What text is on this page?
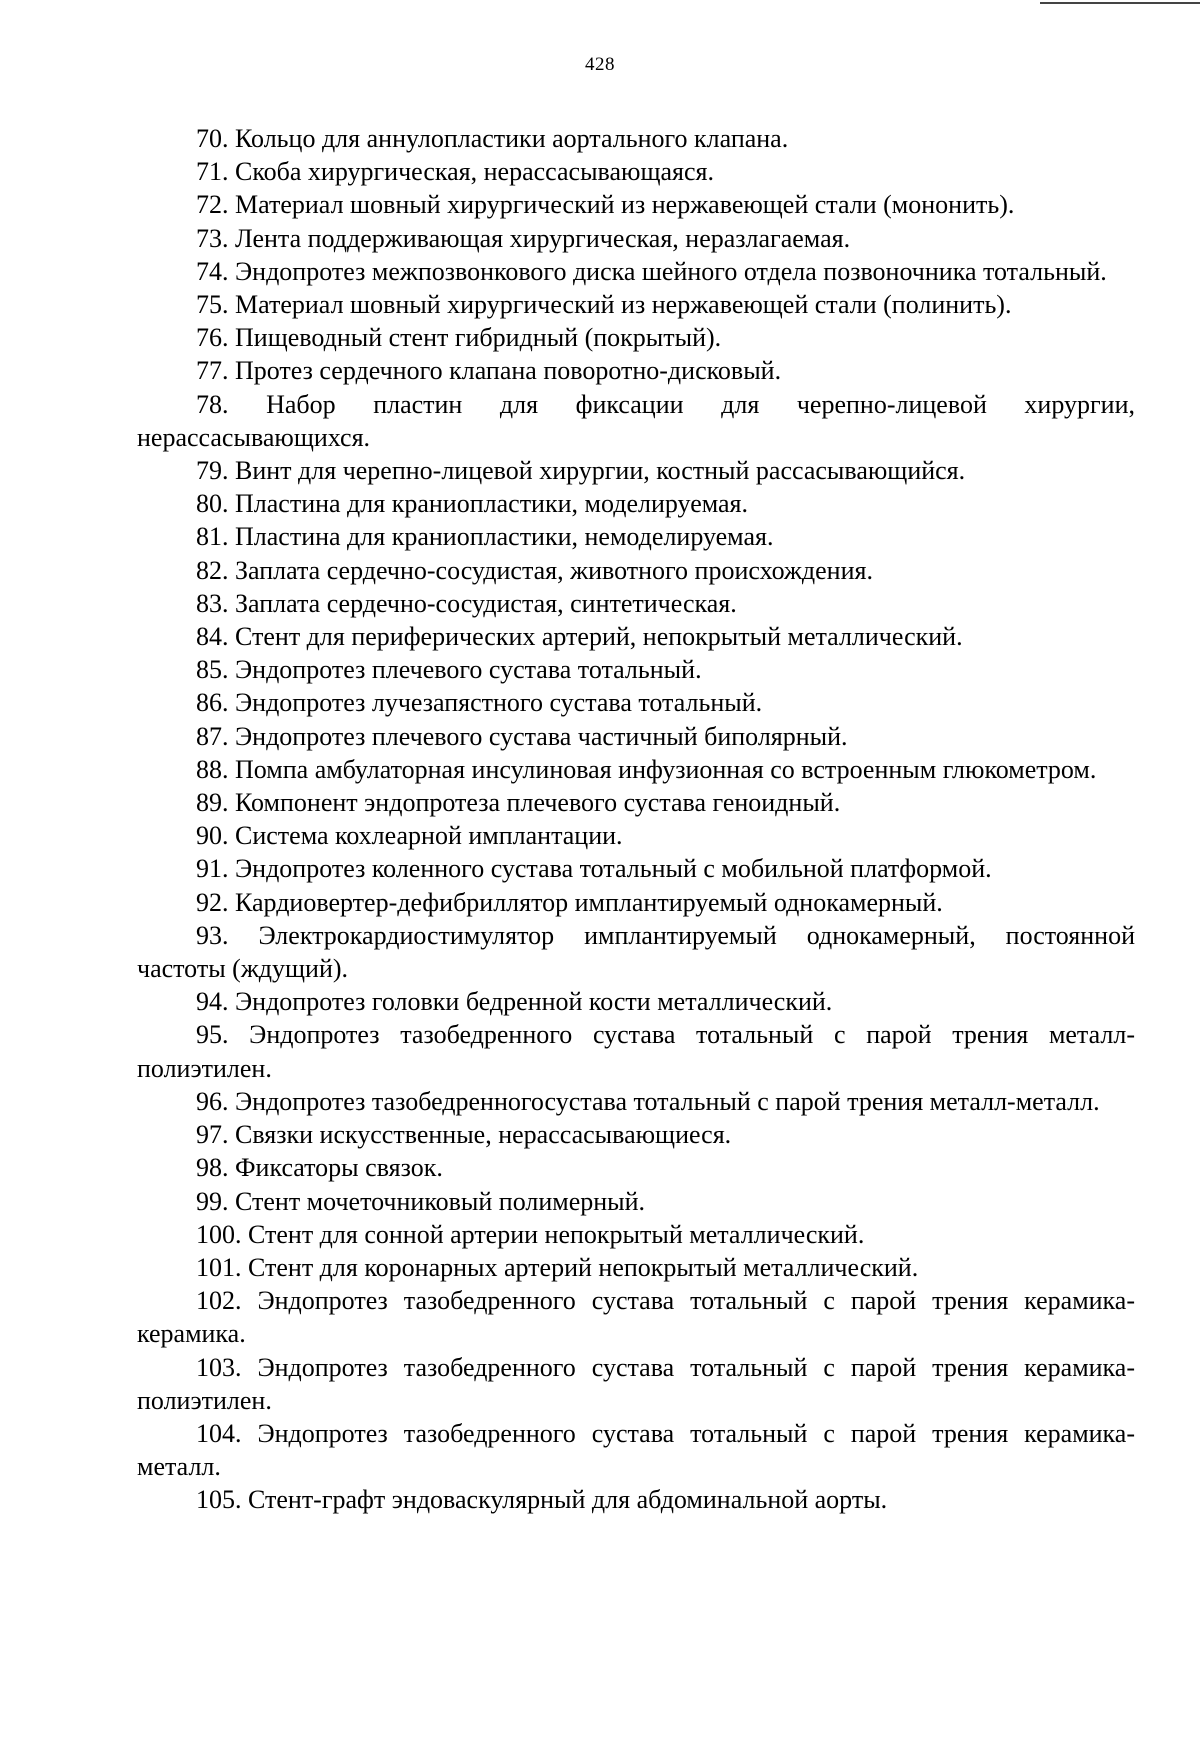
428

70. Кольцо для аннулопластики аортального клапана.

71. Скоба хирургическая, нерассасывающаяся.

72. Материал шовный хирургический из нержавеющей стали (мононить).

73. Лента поддерживающая хирургическая, неразлагаемая.

74. Эндопротез межпозвонкового диска шейного отдела позвоночника тотальный.

75. Материал шовный хирургический из нержавеющей стали (полинить).

76. Пищеводный стент гибридный (покрытый).

77. Протез сердечного клапана поворотно-дисковый.

78. Набор пластин для фиксации для черепно-лицевой хирургии, нерассасывающихся.

79. Винт для черепно-лицевой хирургии, костный рассасывающийся.

80. Пластина для краниопластики, моделируемая.

81. Пластина для краниопластики, немоделируемая.

82. Заплата сердечно-сосудистая, животного происхождения.

83. Заплата сердечно-сосудистая, синтетическая.

84. Стент для периферических артерий, непокрытый металлический.

85. Эндопротез плечевого сустава тотальный.

86. Эндопротез лучезапястного сустава тотальный.

87. Эндопротез плечевого сустава частичный биполярный.

88. Помпа амбулаторная инсулиновая инфузионная со встроенным глюкометром.

89. Компонент эндопротеза плечевого сустава геноидный.

90. Система кохлеарной имплантации.

91. Эндопротез коленного сустава тотальный с мобильной платформой.

92. Кардиовертер-дефибриллятор имплантируемый однокамерный.

93. Электрокардиостимулятор имплантируемый однокамерный, постоянной частоты (ждущий).

94. Эндопротез головки бедренной кости металлический.

95. Эндопротез тазобедренного сустава тотальный с парой трения металл-полиэтилен.

96. Эндопротез тазобедренногосустава тотальный с парой трения металл-металл.

97. Связки искусственные, нерассасывающиеся.

98. Фиксаторы связок.

99. Стент мочеточниковый полимерный.

100. Стент для сонной артерии непокрытый металлический.

101. Стент для коронарных артерий непокрытый металлический.

102. Эндопротез тазобедренного сустава тотальный с парой трения керамика-керамика.

103. Эндопротез тазобедренного сустава тотальный с парой трения керамика-полиэтилен.

104. Эндопротез тазобедренного сустава тотальный с парой трения керамика-металл.

105. Стент-графт эндоваскулярный для абдоминальной аорты.
